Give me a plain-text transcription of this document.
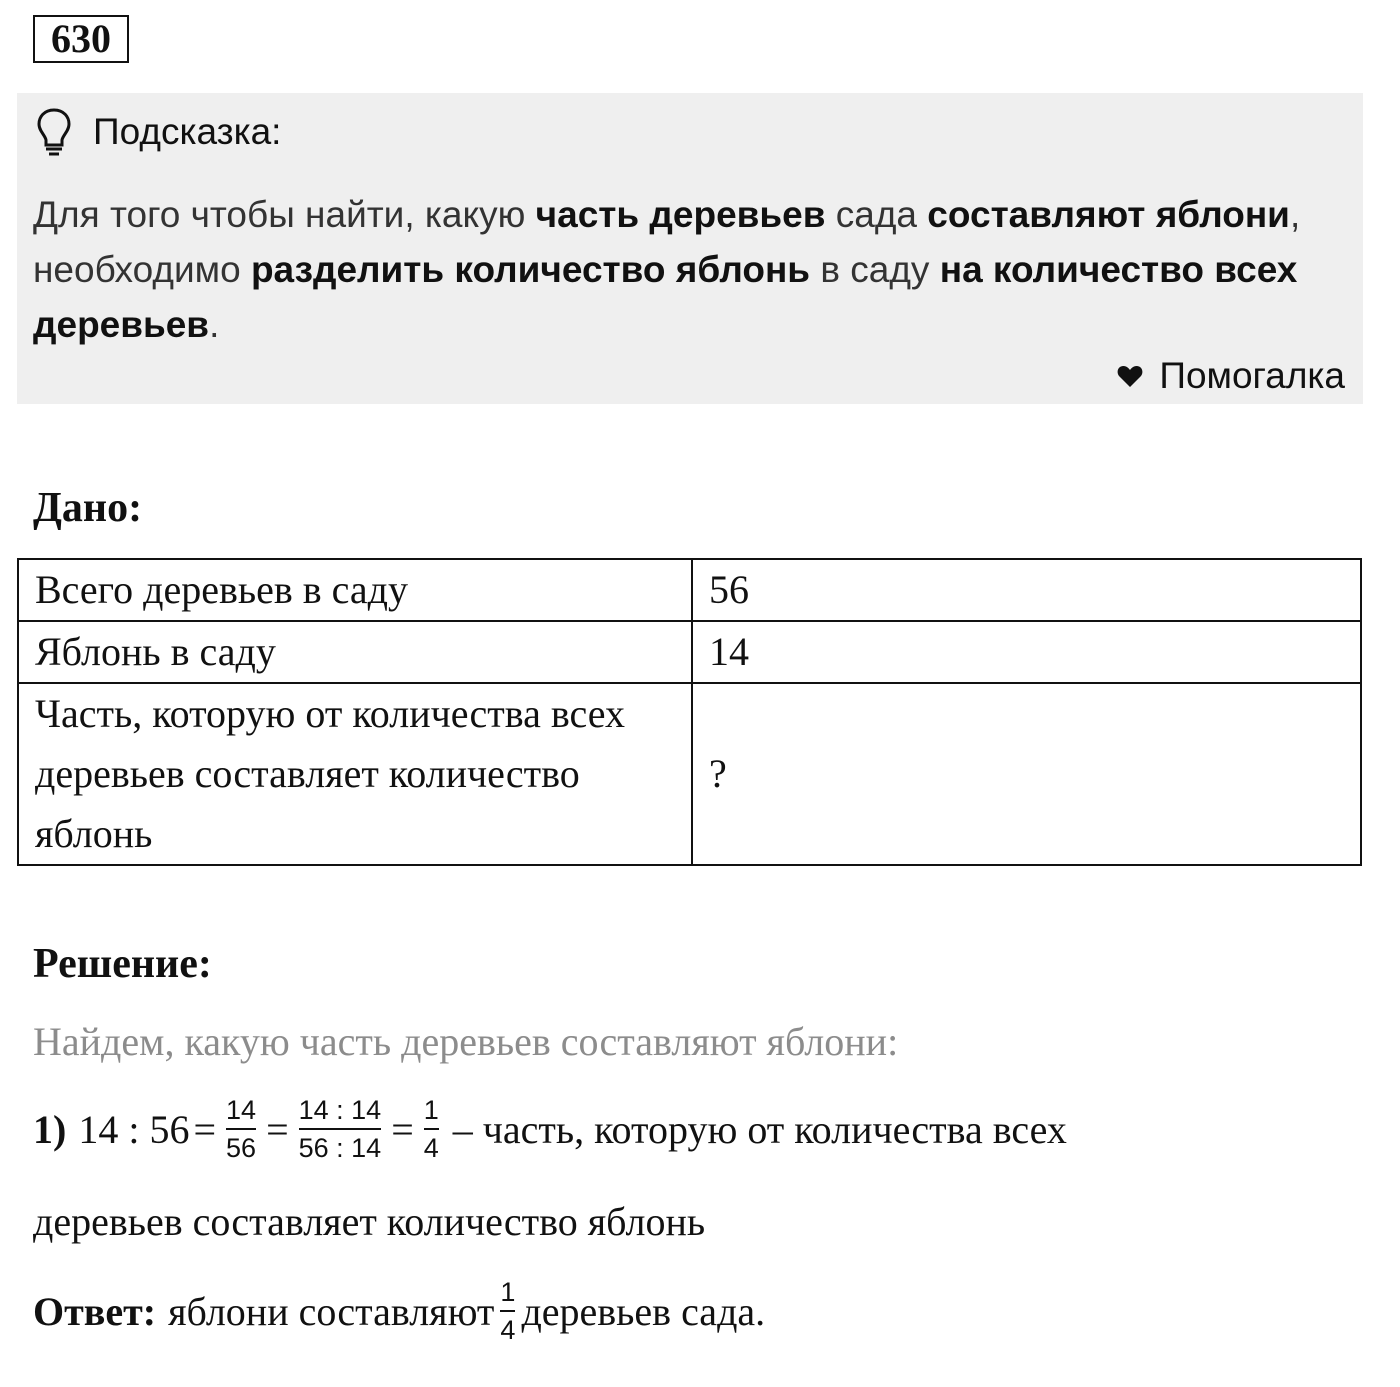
630
Подсказка:
Для того чтобы найти, какую часть деревьев сада составляют яблони, необходимо разделить количество яблонь в саду на количество всех деревьев.
Помогалка
Дано:
Всего деревьев в саду	56
Яблонь в саду	14
Часть, которую от количества всех деревьев составляет количество яблонь	?
Решение:
Найдем, какую часть деревьев составляют яблони:
1) 14 : $56 = \frac{14}{56} = \frac{14 : 14}{56 : 14} = \frac{1}{4}$ – часть, которую от количества всех
деревьев составляет количество яблонь
Ответ: яблони составляют $\frac{1}{4}$ деревьев сада.
